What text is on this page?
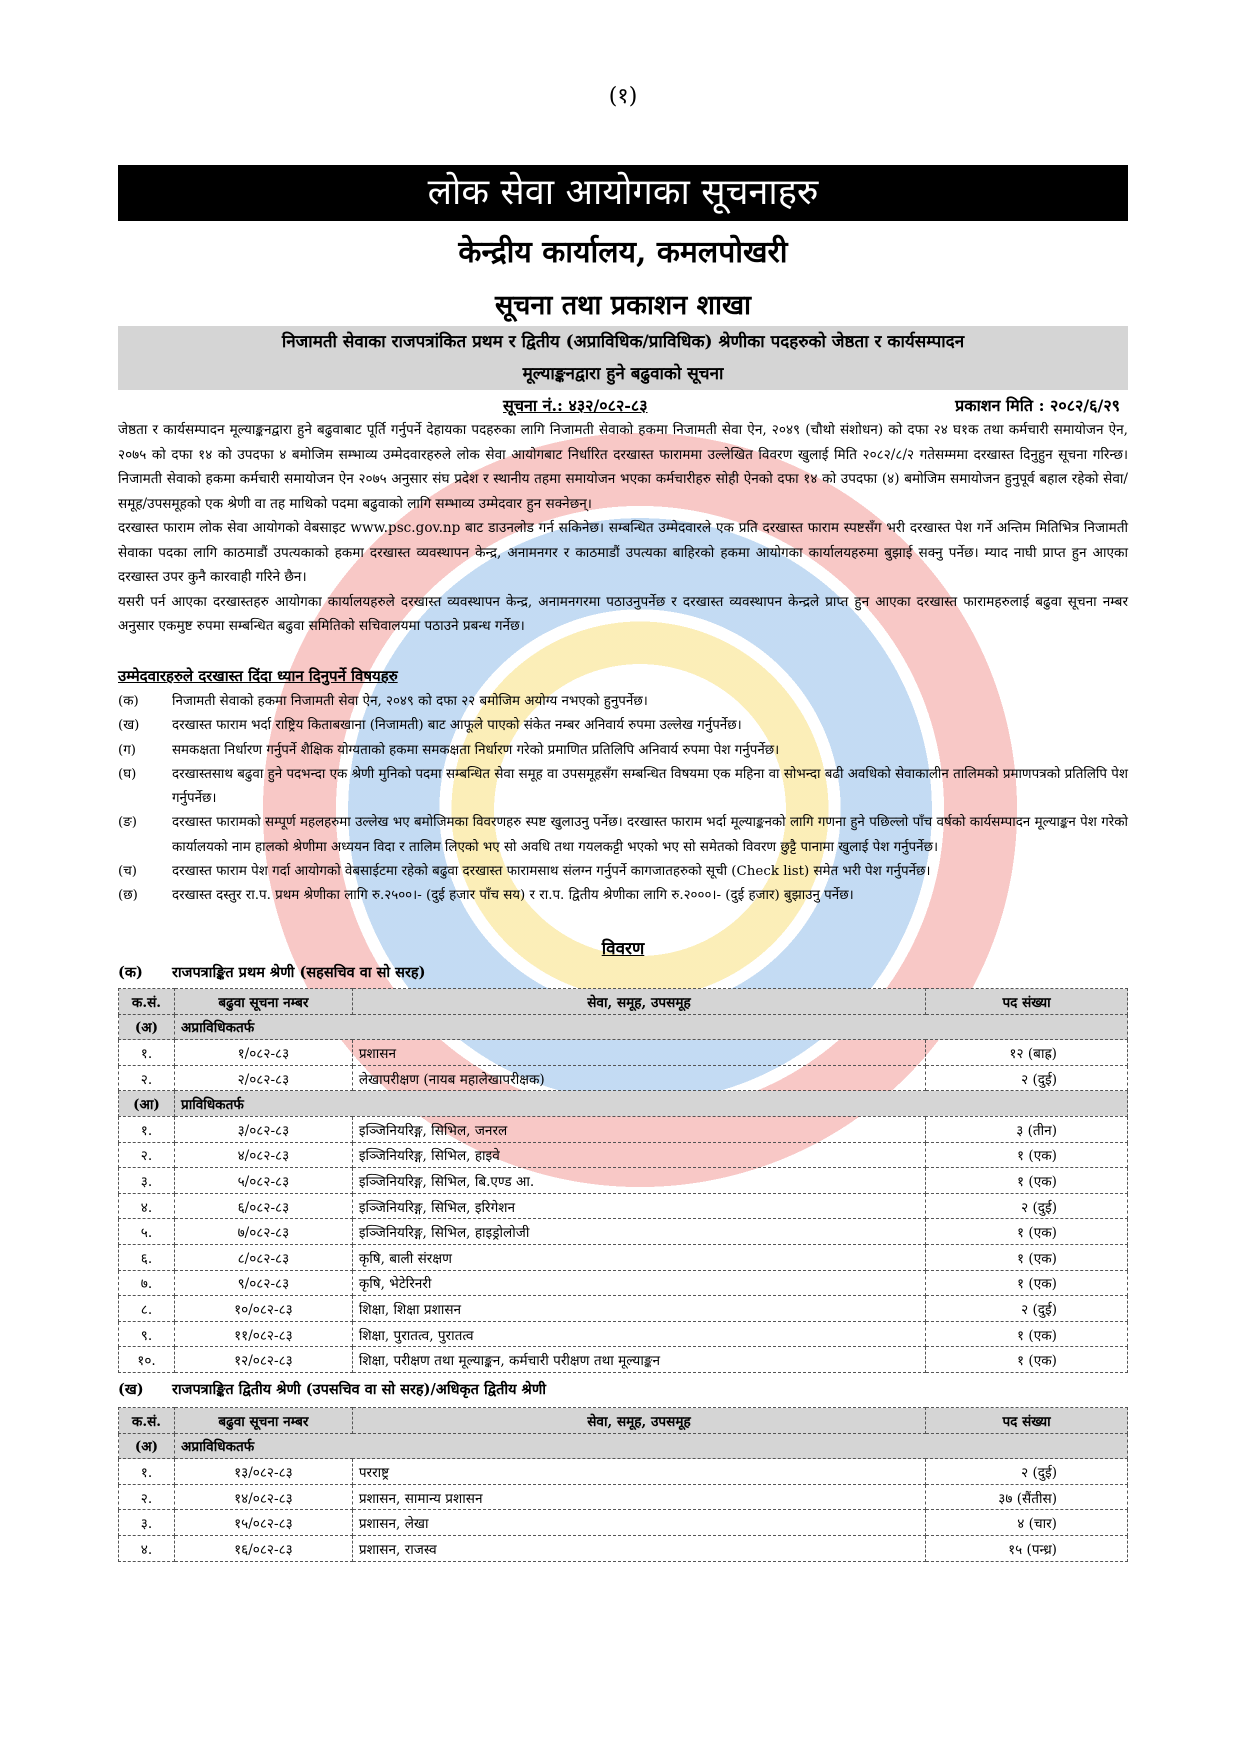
(१)
लोक सेवा आयोगका सूचनाहरु
केन्द्रीय कार्यालय, कमलपोखरी
सूचना तथा प्रकाशन शाखा
निजामती सेवाका राजपत्रांकित प्रथम र द्वितीय (अप्राविधिक/प्राविधिक) श्रेणीका पदहरुको जेष्ठता र कार्यसम्पादन
मूल्याङ्कनद्वारा हुने बढुवाको सूचना
सूचना नं.: ४३२/०८२-८३	प्रकाशन मिति : २०८२/६/२९

जेष्ठता र कार्यसम्पादन मूल्याङ्कनद्वारा हुने बढुवाबाट पूर्ति गर्नुपर्ने देहायका पदहरुका लागि निजामती सेवाको हकमा निजामती सेवा ऐन, २०४९ (चौथो संशोधन) को दफा २४ घ१क तथा कर्मचारी समायोजन ऐन, २०७५ को दफा १४ को उपदफा ४ बमोजिम सम्भाव्य उम्मेदवारहरुले लोक सेवा आयोगबाट निर्धारित दरखास्त फाराममा उल्लेखित विवरण खुलाई मिति २०८२/८/२ गतेसम्ममा दरखास्त दिनुहुन सूचना गरिन्छ। निजामती सेवाको हकमा कर्मचारी समायोजन ऐन २०७५ अनुसार संघ प्रदेश र स्थानीय तहमा समायोजन भएका कर्मचारीहरु सोही ऐनको दफा १४ को उपदफा (४) बमोजिम समायोजन हुनुपूर्व बहाल रहेको सेवा/समूह/उपसमूहको एक श्रेणी वा तह माथिको पदमा बढुवाको लागि सम्भाव्य उम्मेदवार हुन सक्नेछन्।

दरखास्त फाराम लोक सेवा आयोगको वेबसाइट www.psc.gov.np बाट डाउनलोड गर्न सकिनेछ। सम्बन्धित उम्मेदवारले एक प्रति दरखास्त फाराम स्पष्टसँग भरी दरखास्त पेश गर्ने अन्तिम मितिभित्र निजामती सेवाका पदका लागि काठमाडौं उपत्यकाको हकमा दरखास्त व्यवस्थापन केन्द्र, अनामनगर र काठमाडौं उपत्यका बाहिरको हकमा आयोगका कार्यालयहरुमा बुझाई सक्नु पर्नेछ। म्याद नाघी प्राप्त हुन आएका दरखास्त उपर कुनै कारवाही गरिने छैन।

यसरी पर्न आएका दरखास्तहरु आयोगका कार्यालयहरुले दरखास्त व्यवस्थापन केन्द्र, अनामनगरमा पठाउनुपर्नेछ र दरखास्त व्यवस्थापन केन्द्रले प्राप्त हुन आएका दरखास्त फारामहरुलाई बढुवा सूचना नम्बर अनुसार एकमुष्ट रुपमा सम्बन्धित बढुवा समितिको सचिवालयमा पठाउने प्रबन्ध गर्नेछ।

उम्मेदवारहरुले दरखास्त दिंदा ध्यान दिनुपर्ने विषयहरु
(क)	निजामती सेवाको हकमा निजामती सेवा ऐन, २०४९ को दफा २२ बमोजिम अयोग्य नभएको हुनुपर्नेछ।
(ख)	दरखास्त फाराम भर्दा राष्ट्रिय किताबखाना (निजामती) बाट आफूले पाएको संकेत नम्बर अनिवार्य रुपमा उल्लेख गर्नुपर्नेछ।
(ग)	समकक्षता निर्धारण गर्नुपर्ने शैक्षिक योग्यताको हकमा समकक्षता निर्धारण गरेको प्रमाणित प्रतिलिपि अनिवार्य रुपमा पेश गर्नुपर्नेछ।
(घ)	दरखास्तसाथ बढुवा हुने पदभन्दा एक श्रेणी मुनिको पदमा सम्बन्धित सेवा समूह वा उपसमूहसँग सम्बन्धित विषयमा एक महिना वा सोभन्दा बढी अवधिको सेवाकालीन तालिमको प्रमाणपत्रको प्रतिलिपि पेश गर्नुपर्नेछ।
(ङ)	दरखास्त फारामको सम्पूर्ण महलहरुमा उल्लेख भए बमोजिमका विवरणहरु स्पष्ट खुलाउनु पर्नेछ। दरखास्त फाराम भर्दा मूल्याङ्कनको लागि गणना हुने पछिल्लो पाँच वर्षको कार्यसम्पादन मूल्याङ्कन पेश गरेको कार्यालयको नाम हालको श्रेणीमा अध्ययन विदा र तालिम लिएको भए सो अवधि तथा गयलकट्टी भएको भए सो समेतको विवरण छुट्टै पानामा खुलाई पेश गर्नुपर्नेछ।
(च)	दरखास्त फाराम पेश गर्दा आयोगको वेबसाईटमा रहेको बढुवा दरखास्त फारामसाथ संलग्न गर्नुपर्ने कागजातहरुको सूची (Check list) समेत भरी पेश गर्नुपर्नेछ।
(छ)	दरखास्त दस्तुर रा.प. प्रथम श्रेणीका लागि रु.२५००।- (दुई हजार पाँच सय) र रा.प. द्वितीय श्रेणीका लागि रु.२०००।- (दुई हजार) बुझाउनु पर्नेछ।
विवरण
(क) राजपत्राङ्कित प्रथम श्रेणी (सहसचिव वा सो सरह)
क.सं.	बढुवा सूचना नम्बर	सेवा, समूह, उपसमूह	पद संख्या
(अ)	अप्राविधिकतर्फ		
१.	१/०८२-८३	प्रशासन	१२ (बाह्र)
२.	२/०८२-८३	लेखापरीक्षण (नायब महालेखापरीक्षक)	२ (दुई)
(आ)	प्राविधिकतर्फ		
१.	३/०८२-८३	इञ्जिनियरिङ्ग, सिभिल, जनरल	३ (तीन)
२.	४/०८२-८३	इञ्जिनियरिङ्ग, सिभिल, हाइवे	१ (एक)
३.	५/०८२-८३	इञ्जिनियरिङ्ग, सिभिल, बि.एण्ड आ.	१ (एक)
४.	६/०८२-८३	इञ्जिनियरिङ्ग, सिभिल, इरिगेशन	२ (दुई)
५.	७/०८२-८३	इञ्जिनियरिङ्ग, सिभिल, हाइड्रोलोजी	१ (एक)
६.	८/०८२-८३	कृषि, बाली संरक्षण	१ (एक)
७.	९/०८२-८३	कृषि, भेटेरिनरी	१ (एक)
८.	१०/०८२-८३	शिक्षा, शिक्षा प्रशासन	२ (दुई)
९.	११/०८२-८३	शिक्षा, पुरातत्व, पुरातत्व	१ (एक)
१०.	१२/०८२-८३	शिक्षा, परीक्षण तथा मूल्याङ्कन, कर्मचारी परीक्षण तथा मूल्याङ्कन	१ (एक)
(ख) राजपत्राङ्कित द्वितीय श्रेणी (उपसचिव वा सो सरह)/अधिकृत द्वितीय श्रेणी
क.सं.	बढुवा सूचना नम्बर	सेवा, समूह, उपसमूह	पद संख्या
(अ)	अप्राविधिकतर्फ		
१.	१३/०८२-८३	परराष्ट्र	२ (दुई)
२.	१४/०८२-८३	प्रशासन, सामान्य प्रशासन	३७ (सैंतीस)
३.	१५/०८२-८३	प्रशासन, लेखा	४ (चार)
४.	१६/०८२-८३	प्रशासन, राजस्व	१५ (पन्ध्र)
